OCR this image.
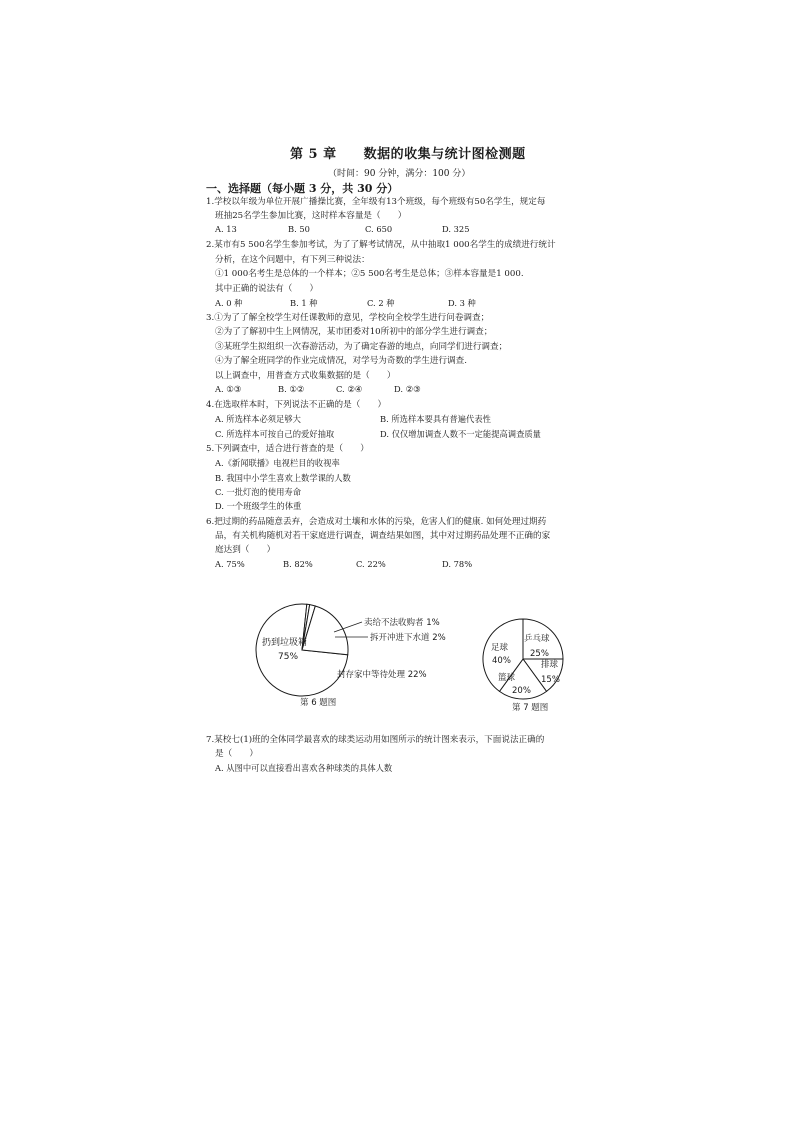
第 5 章　　数据的收集与统计图检测题
（时间：90 分钟，满分：100 分）
一、选择题（每小题 3 分，共 30 分）
1.学校以年级为单位开展广播操比赛，全年级有13个班级，每个班级有50名学生，规定每
班抽25名学生参加比赛，这时样本容量是（　　）
A. 13	B. 50	C. 650	D. 325
2.某市有5 500名学生参加考试，为了了解考试情况，从中抽取1 000名学生的成绩进行统计
分析，在这个问题中，有下列三种说法：
①1 000名考生是总体的一个样本；②5 500名考生是总体；③样本容量是1 000.
其中正确的说法有（　　）
A. 0 种	B. 1 种	C. 2 种	D. 3 种
3.①为了了解全校学生对任课教师的意见，学校向全校学生进行问卷调查；
②为了了解初中生上网情况，某市团委对10所初中的部分学生进行调查；
③某班学生拟组织一次春游活动，为了确定春游的地点，向同学们进行调查；
④为了解全班同学的作业完成情况，对学号为奇数的学生进行调查.
以上调查中，用普查方式收集数据的是（　　）
A. ①③	B. ①②	C. ②④	D. ②③
4.在选取样本时，下列说法不正确的是（　　）
A. 所选样本必须足够大	B. 所选样本要具有普遍代表性
C. 所选样本可按自己的爱好抽取	D. 仅仅增加调查人数不一定能提高调查质量
5.下列调查中，适合进行普查的是（　　）
A.《新闻联播》电视栏目的收视率
B. 我国中小学生喜欢上数学课的人数
C. 一批灯泡的使用寿命
D. 一个班级学生的体重
6.把过期的药品随意丢弃，会造成对土壤和水体的污染，危害人们的健康. 如何处理过期药
品，有关机构随机对若干家庭进行调查，调查结果如图，其中对过期药品处理不正确的家
庭达到（　　）
A. 75%	B. 82%	C. 22%	D. 78%
扔到垃圾箱
75%
卖给不法收购者 1%
拆开冲进下水道 2%
封存家中等待处理 22%
第 6 题图
足球
40%
乒乓球
25%
排球
15%
篮球
20%
第 7 题图
7.某校七(1)班的全体同学最喜欢的球类运动用如图所示的统计图来表示，下面说法正确的
是（　　）
A. 从图中可以直接看出喜欢各种球类的具体人数
